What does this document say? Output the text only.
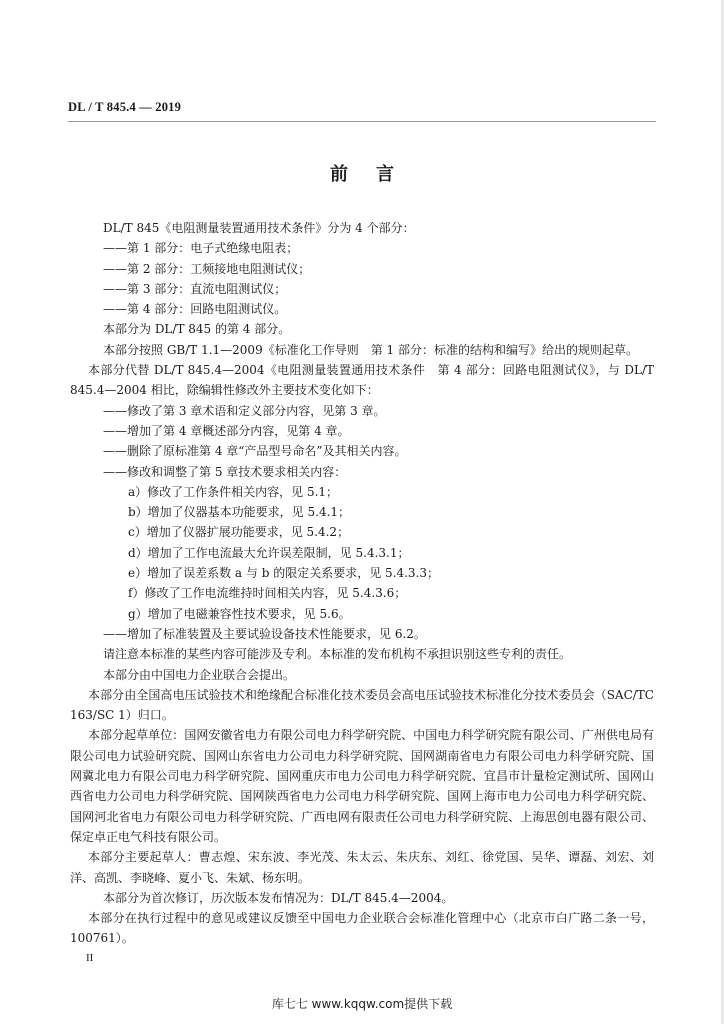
DL / T 845.4 — 2019
前言

DL/T 845《电阻测量装置通用技术条件》分为 4 个部分：

——第 1 部分：电子式绝缘电阻表；

——第 2 部分：工频接地电阻测试仪；

——第 3 部分：直流电阻测试仪；

——第 4 部分：回路电阻测试仪。

本部分为 DL/T 845 的第 4 部分。

本部分按照 GB/T 1.1—2009《标准化工作导则　第 1 部分：标准的结构和编写》给出的规则起草。

本部分代替 DL/T 845.4—2004《电阻测量装置通用技术条件　第 4 部分：回路电阻测试仪》，与 DL/T 845.4—2004 相比，除编辑性修改外主要技术变化如下：

——修改了第 3 章术语和定义部分内容，见第 3 章。

——增加了第 4 章概述部分内容，见第 4 章。

——删除了原标准第 4 章“产品型号命名”及其相关内容。

——修改和调整了第 5 章技术要求相关内容：

a）修改了工作条件相关内容，见 5.1；

b）增加了仪器基本功能要求，见 5.4.1；

c）增加了仪器扩展功能要求，见 5.4.2；

d）增加了工作电流最大允许误差限制，见 5.4.3.1；

e）增加了误差系数 a 与 b 的限定关系要求，见 5.4.3.3；

f）修改了工作电流维持时间相关内容，见 5.4.3.6；

g）增加了电磁兼容性技术要求，见 5.6。

——增加了标准装置及主要试验设备技术性能要求，见 6.2。

请注意本标准的某些内容可能涉及专利。本标准的发布机构不承担识别这些专利的责任。

本部分由中国电力企业联合会提出。

本部分由全国高电压试验技术和绝缘配合标准化技术委员会高电压试验技术标准化分技术委员会（SAC/TC 163/SC 1）归口。

本部分起草单位：国网安徽省电力有限公司电力科学研究院、中国电力科学研究院有限公司、广州供电局有限公司电力试验研究院、国网山东省电力公司电力科学研究院、国网湖南省电力有限公司电力科学研究院、国网冀北电力有限公司电力科学研究院、国网重庆市电力公司电力科学研究院、宜昌市计量检定测试所、国网山西省电力公司电力科学研究院、国网陕西省电力公司电力科学研究院、国网上海市电力公司电力科学研究院、国网河北省电力有限公司电力科学研究院、广西电网有限责任公司电力科学研究院、上海思创电器有限公司、保定卓正电气科技有限公司。

本部分主要起草人：曹志煌、宋东波、李光茂、朱太云、朱庆东、刘红、徐党国、吴华、谭磊、刘宏、刘洋、高凯、李晓峰、夏小飞、朱斌、杨东明。

本部分为首次修订，历次版本发布情况为：DL/T 845.4—2004。

本部分在执行过程中的意见或建议反馈至中国电力企业联合会标准化管理中心（北京市白广路二条一号，100761）。

II
库七七 www.kqqw.com提供下载
